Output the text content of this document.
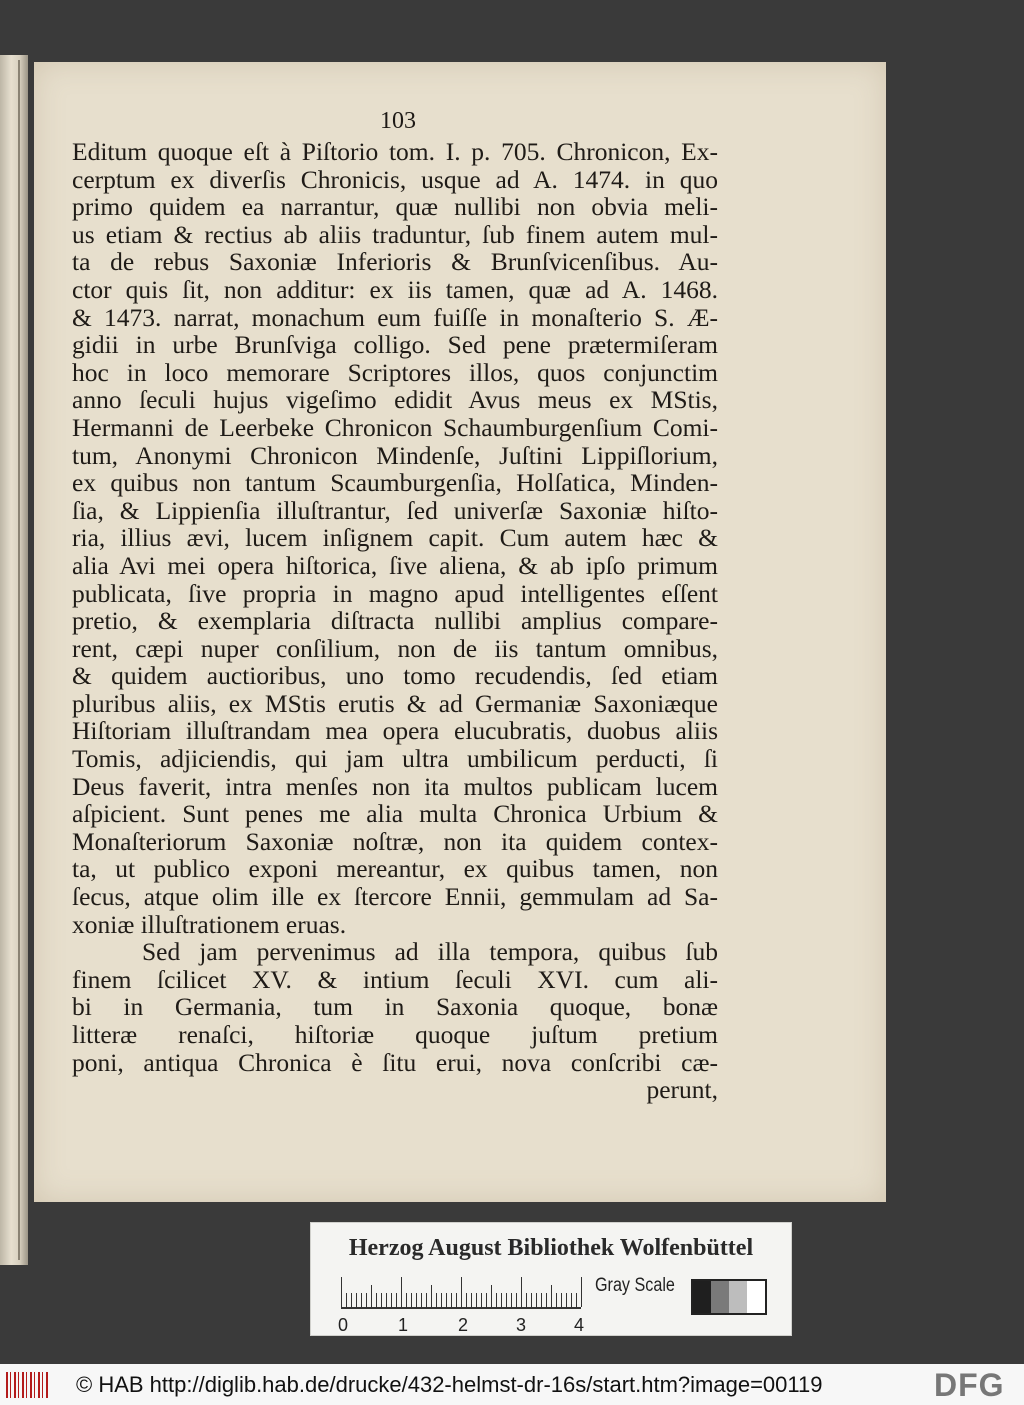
103
Editum quoque eſt à Piſtorio tom. I. p. 705. Chronicon, Ex-
cerptum ex diverſis Chronicis, usque ad A. 1474. in quo
primo quidem ea narrantur, quæ nullibi non obvia meli-
us etiam & rectius ab aliis traduntur, ſub finem autem mul-
ta de rebus Saxoniæ Inferioris & Brunſvicenſibus. Au-
ctor quis ſit, non additur: ex iis tamen, quæ ad A. 1468.
& 1473. narrat, monachum eum fuiſſe in monaſterio S. Æ-
gidii in urbe Brunſviga colligo. Sed pene prætermiſeram
hoc in loco memorare Scriptores illos, quos conjunctim
anno ſeculi hujus vigeſimo edidit Avus meus ex MStis,
Hermanni de Leerbeke Chronicon Schaumburgenſium Comi-
tum, Anonymi Chronicon Mindenſe, Juſtini Lippiſlorium,
ex quibus non tantum Scaumburgenſia, Holſatica, Minden-
ſia, & Lippienſia illuſtrantur, ſed univerſæ Saxoniæ hiſto-
ria, illius ævi, lucem inſignem capit. Cum autem hæc &
alia Avi mei opera hiſtorica, ſive aliena, & ab ipſo primum
publicata, ſive propria in magno apud intelligentes eſſent
pretio, & exemplaria diſtracta nullibi amplius compare-
rent, cæpi nuper conſilium, non de iis tantum omnibus,
& quidem auctioribus, uno tomo recudendis, ſed etiam
pluribus aliis, ex MStis erutis & ad Germaniæ Saxoniæque
Hiſtoriam illuſtrandam mea opera elucubratis, duobus aliis
Tomis, adjiciendis, qui jam ultra umbilicum perducti, ſi
Deus faverit, intra menſes non ita multos publicam lucem
aſpicient. Sunt penes me alia multa Chronica Urbium &
Monaſteriorum Saxoniæ noſtræ, non ita quidem contex-
ta, ut publico exponi mereantur, ex quibus tamen, non
ſecus, atque olim ille ex ſtercore Ennii, gemmulam ad Sa-
xoniæ illuſtrationem eruas.
Sed jam pervenimus ad illa tempora, quibus ſub
finem ſcilicet XV. & intium ſeculi XVI. cum ali-
bi in Germania, tum in Saxonia quoque, bonæ
litteræ renaſci, hiſtoriæ quoque juſtum pretium
poni, antiqua Chronica è ſitu erui, nova conſcribi cæ-
perunt,
Herzog August Bibliothek Wolfenbüttel
0	1	2	3	4
Gray Scale
© HAB http://diglib.hab.de/drucke/432-helmst-dr-16s/start.htm?image=00119	DFG
